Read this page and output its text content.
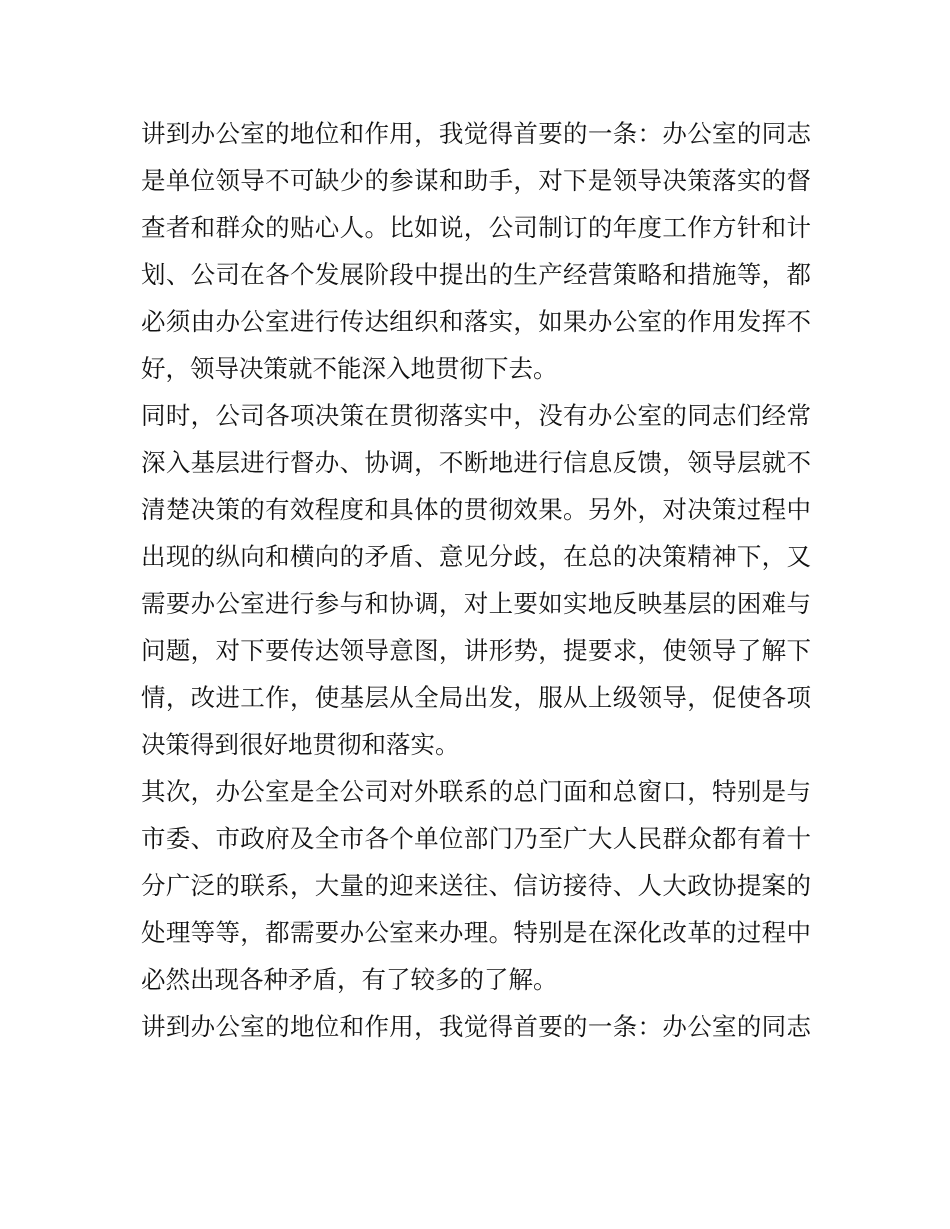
讲到办公室的地位和作用，我觉得首要的一条：办公室的同志
是单位领导不可缺少的参谋和助手，对下是领导决策落实的督
查者和群众的贴心人。比如说，公司制订的年度工作方针和计
划、公司在各个发展阶段中提出的生产经营策略和措施等，都
必须由办公室进行传达组织和落实，如果办公室的作用发挥不
好，领导决策就不能深入地贯彻下去。
同时，公司各项决策在贯彻落实中，没有办公室的同志们经常
深入基层进行督办、协调，不断地进行信息反馈，领导层就不
清楚决策的有效程度和具体的贯彻效果。另外，对决策过程中
出现的纵向和横向的矛盾、意见分歧，在总的决策精神下，又
需要办公室进行参与和协调，对上要如实地反映基层的困难与
问题，对下要传达领导意图，讲形势，提要求，使领导了解下
情，改进工作，使基层从全局出发，服从上级领导，促使各项
决策得到很好地贯彻和落实。
其次，办公室是全公司对外联系的总门面和总窗口，特别是与
市委、市政府及全市各个单位部门乃至广大人民群众都有着十
分广泛的联系，大量的迎来送往、信访接待、人大政协提案的
处理等等，都需要办公室来办理。特别是在深化改革的过程中
必然出现各种矛盾，有了较多的了解。
讲到办公室的地位和作用，我觉得首要的一条：办公室的同志
